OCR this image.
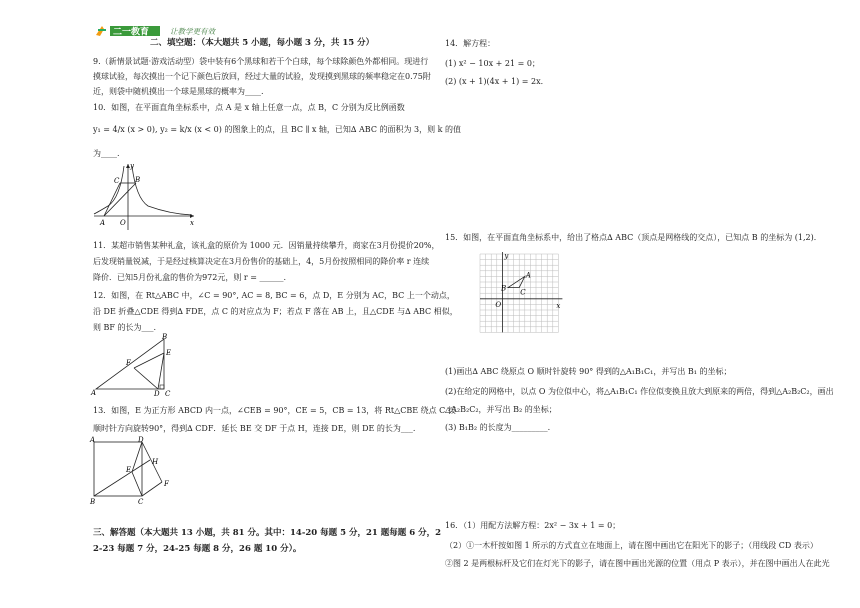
二一教育	让教学更有效
二、填空题：（本大题共 5 小题，每小题 3 分，共 15 分）
9.（新情景试题·游戏活动型）袋中装有6个黑球和若干个白球，每个球除颜色外都相同。现进行
摸球试验，每次摸出一个记下颜色后放回，经过大量的试验，发现摸到黑球的频率稳定在0.75附
近，则袋中随机摸出一个球是黑球的概率为____.
10．如图，在平面直角坐标系中，点 A 是 x 轴上任意一点，点 B，C 分别为反比例函数
y₁ = 4/x (x > 0), y₂ = k/x (x < 0) 的图象上的点，且 BC ∥ x 轴，已知∆ ABC 的面积为 3，则 k 的值
为____.
y
x
C B
A O
11．某超市销售某种礼盒，该礼盒的原价为 1000 元．因销量持续攀升，商家在3月份提价20%，
后发现销量锐减，于是经过核算决定在3月份售价的基础上，4，5月份按照相同的降价率 r 连续
降价．已知5月份礼盒的售价为972元，则 r = ______.
12．如图，在 Rt△ABC 中，∠C = 90°, AC = 8, BC = 6，点 D，E 分别为 AC，BC 上一个动点，
沿 DE 折叠△CDE 得到∆ FDE，点 C 的对应点为 F；若点 F 落在 AB 上，且△CDE 与∆ ABC 相似，
则 BF 的长为___.
B
E
F
A	D C
13．如图，E 为正方形 ABCD 内一点，∠CEB = 90°，CE = 5，CB = 13，将 Rt△CBE 绕点 C 按
顺时针方向旋转90°，得到∆ CDF．延长 BE 交 DF 于点 H，连接 DE，则 DE 的长为___.
A	D
H
E
F
B	C
三、解答题（本大题共 13 小题，共 81 分。其中：14-20 每题 5 分，21 题每题 6 分，2
2-23 每题 7 分，24-25 每题 8 分，26 题 10 分）。
14．解方程：
(1) x² − 10x + 21 = 0；
(2) (x + 1)(4x + 1) = 2x．
15．如图，在平面直角坐标系中，给出了格点∆ ABC（顶点是网格线的交点），已知点 B 的坐标为 (1,2)．
y
x
A
B C
O
(1)画出∆ ABC 绕原点 O 顺时针旋转 90° 得到的△A₁B₁C₁，并写出 B₁ 的坐标；
(2)在给定的网格中，以点 O 为位似中心，将△A₁B₁C₁ 作位似变换且放大到原来的两倍，得到△A₂B₂C₂，画出
△A₂B₂C₂，并写出 B₂ 的坐标；
(3) B₁B₂ 的长度为_________.
16．（1）用配方法解方程：2x² − 3x + 1 = 0；
（2）①一木杆按如图 1 所示的方式直立在地面上，请在图中画出它在阳光下的影子；（用线段 CD 表示）
②图 2 是两根标杆及它们在灯光下的影子，请在图中画出光源的位置（用点 P 表示），并在图中画出人在此光
